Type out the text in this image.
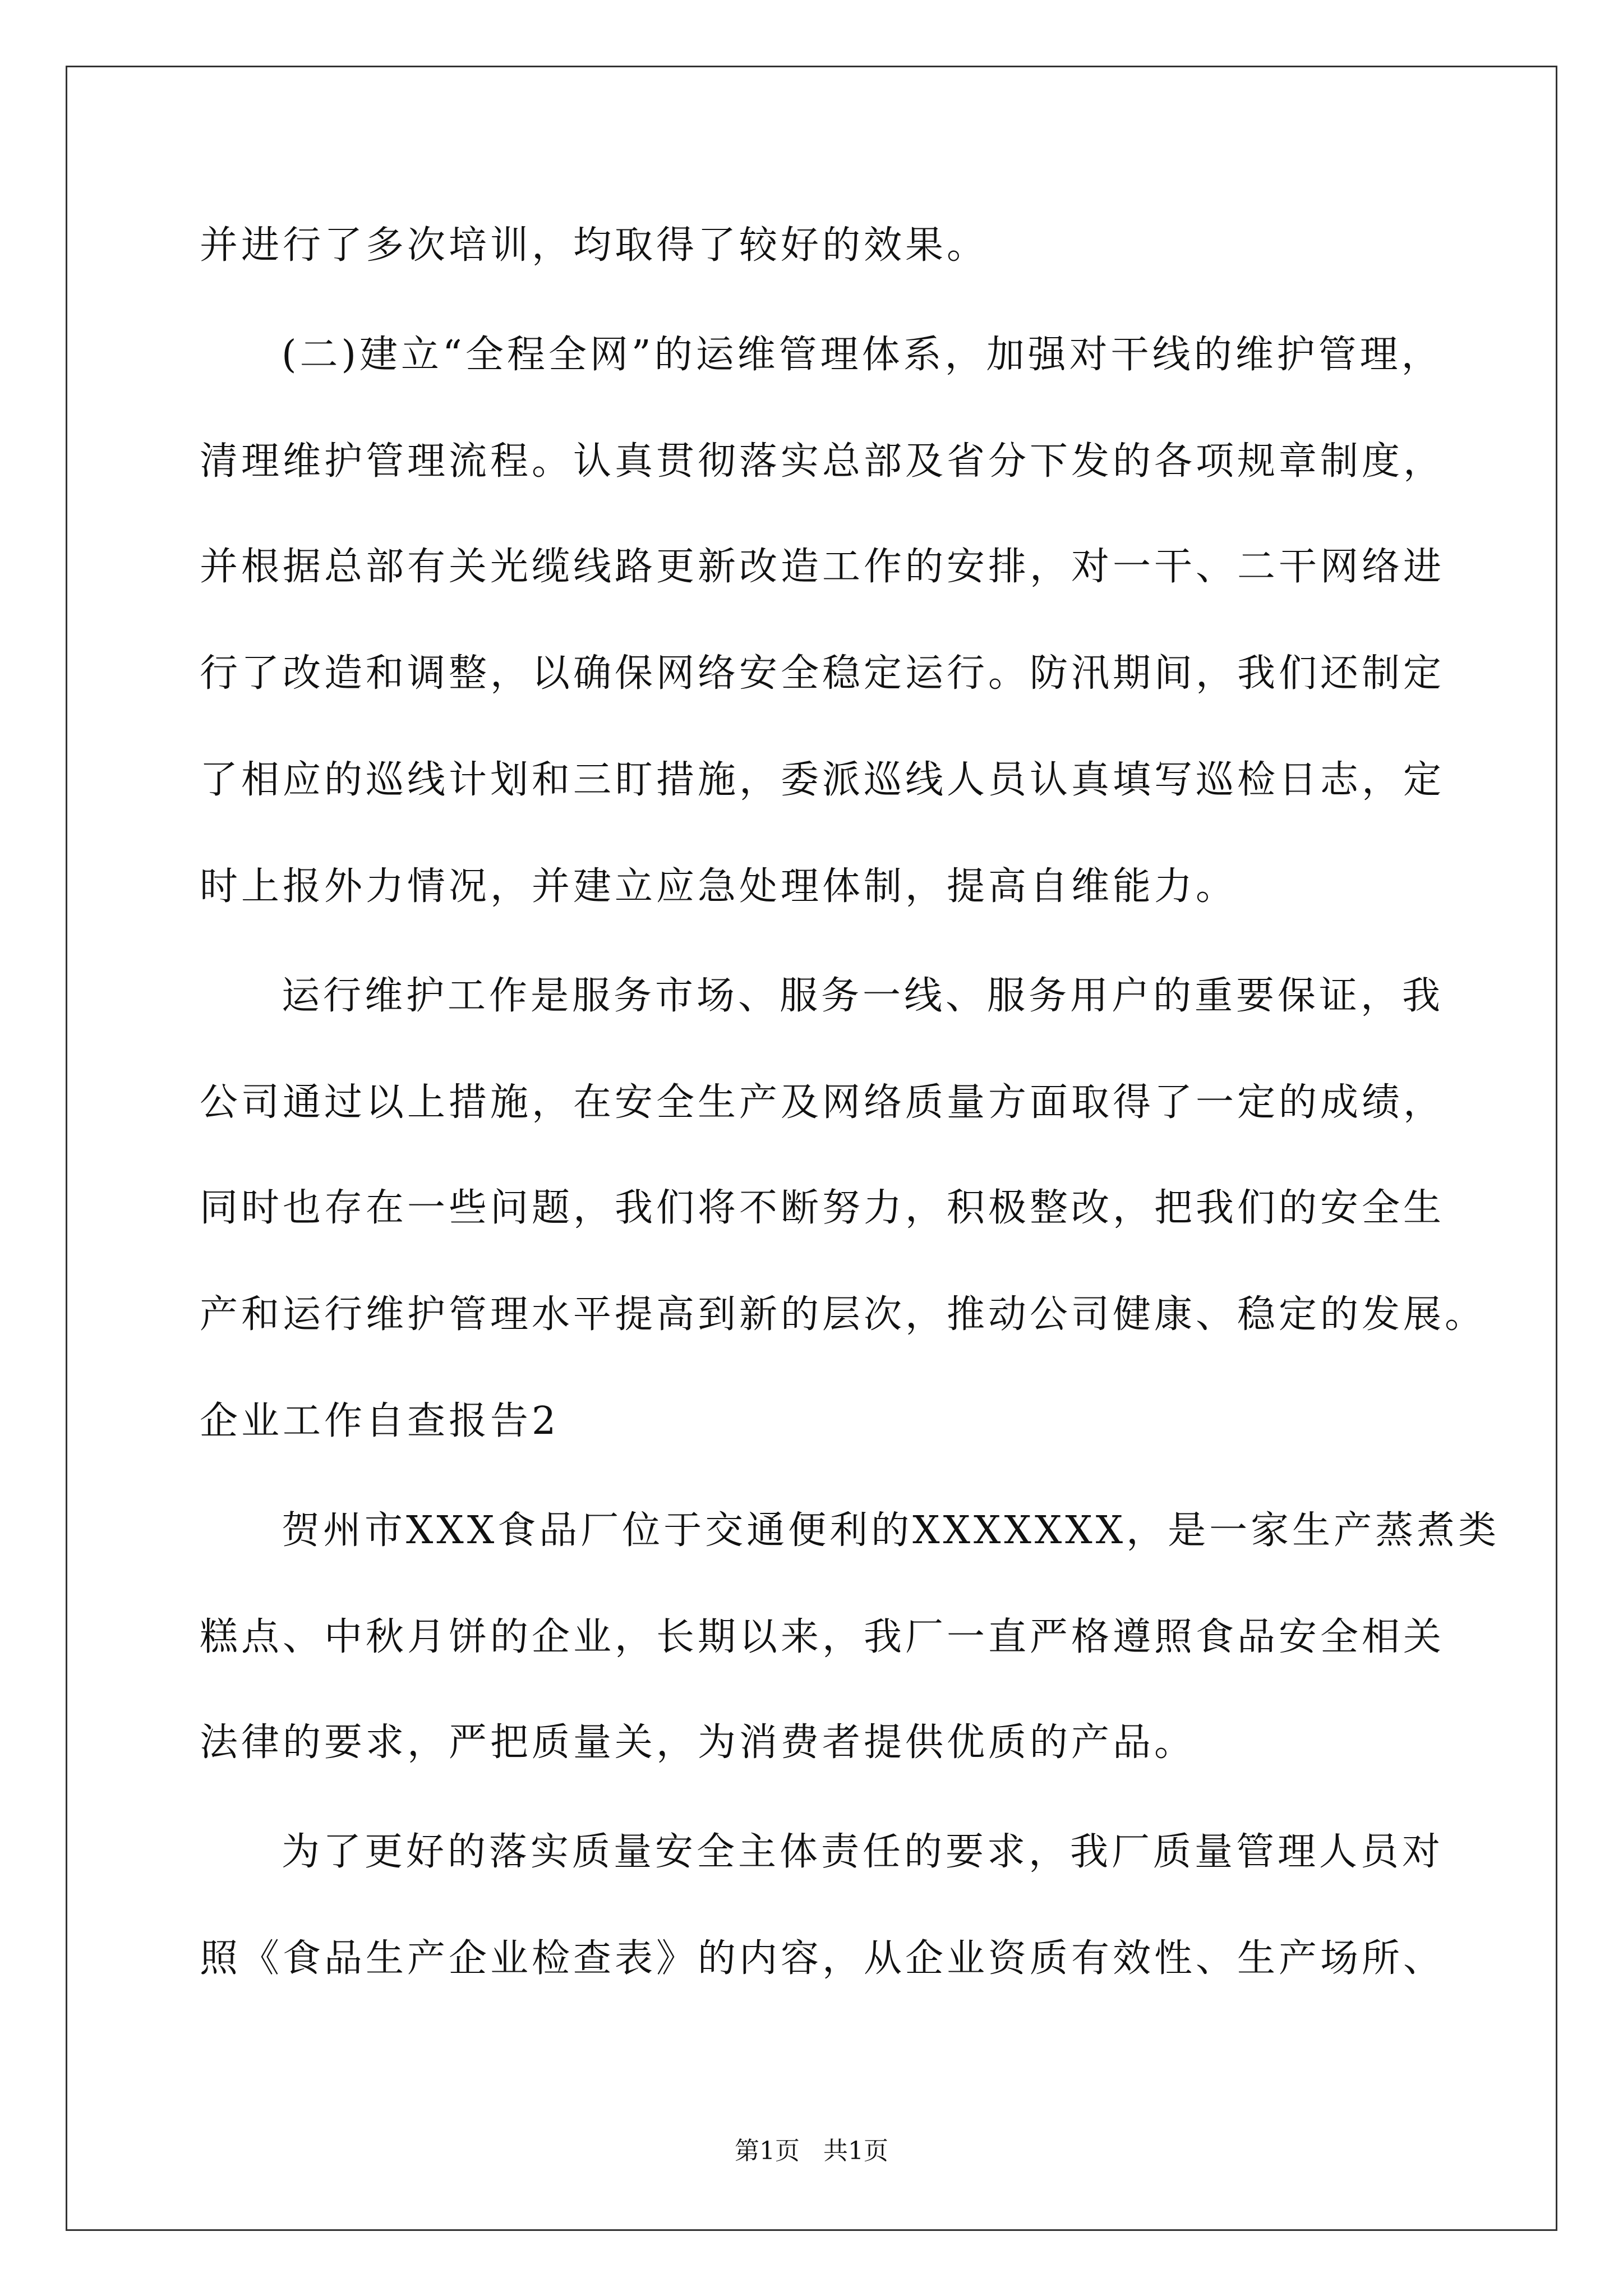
并进行了多次培训，均取得了较好的效果。
(二)建立“全程全网”的运维管理体系，加强对干线的维护管理，
清理维护管理流程。认真贯彻落实总部及省分下发的各项规章制度，
并根据总部有关光缆线路更新改造工作的安排，对一干、二干网络进
行了改造和调整，以确保网络安全稳定运行。防汛期间，我们还制定
了相应的巡线计划和三盯措施，委派巡线人员认真填写巡检日志，定
时上报外力情况，并建立应急处理体制，提高自维能力。
运行维护工作是服务市场、服务一线、服务用户的重要保证，我
公司通过以上措施，在安全生产及网络质量方面取得了一定的成绩，
同时也存在一些问题，我们将不断努力，积极整改，把我们的安全生
产和运行维护管理水平提高到新的层次，推动公司健康、稳定的发展。
企业工作自查报告2
贺州市XXX食品厂位于交通便利的XXXXXXX，是一家生产蒸煮类
糕点、中秋月饼的企业，长期以来，我厂一直严格遵照食品安全相关
法律的要求，严把质量关，为消费者提供优质的产品。
为了更好的落实质量安全主体责任的要求，我厂质量管理人员对
照《食品生产企业检查表》的内容，从企业资质有效性、生产场所、
第1页 共1页
